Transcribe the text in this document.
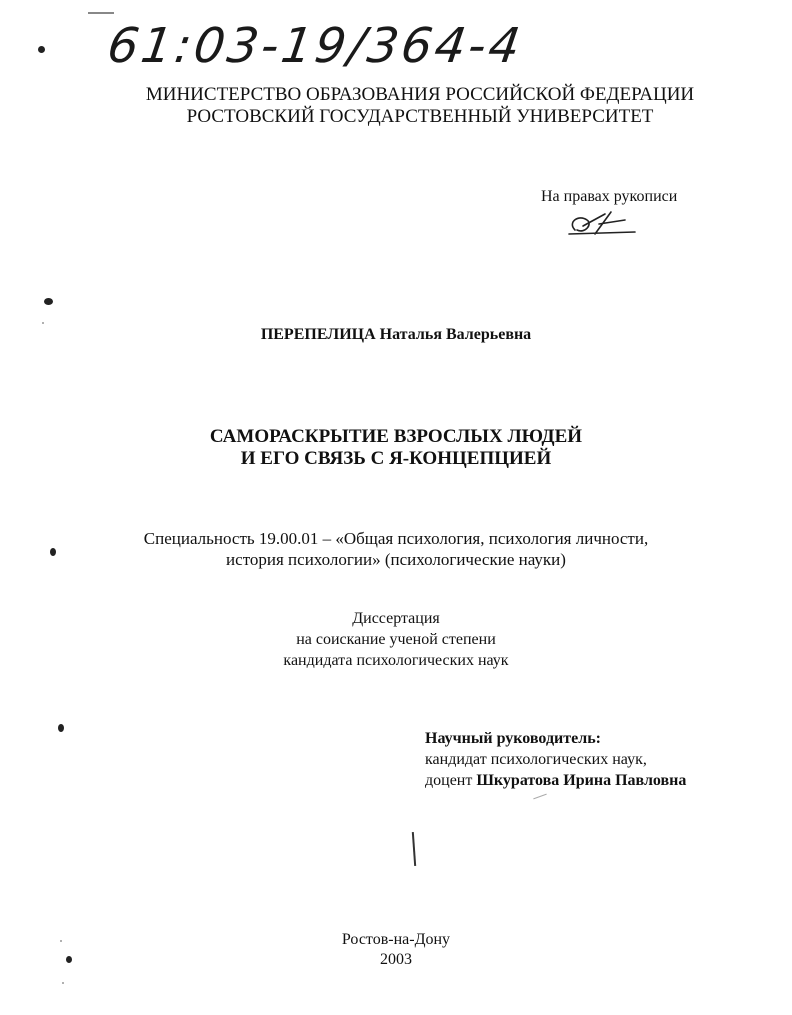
61:03-19/364-4
МИНИСТЕРСТВО ОБРАЗОВАНИЯ РОССИЙСКОЙ ФЕДЕРАЦИИ
РОСТОВСКИЙ ГОСУДАРСТВЕННЫЙ УНИВЕРСИТЕТ
На правах рукописи
ПЕРЕПЕЛИЦА Наталья Валерьевна
САМОРАСКРЫТИЕ ВЗРОСЛЫХ ЛЮДЕЙ
И ЕГО СВЯЗЬ С Я-КОНЦЕПЦИЕЙ
Специальность 19.00.01 – «Общая психология, психология личности,
история психологии» (психологические науки)
Диссертация
на соискание ученой степени
кандидата психологических наук
Научный руководитель:
кандидат психологических наук,
доцент Шкуратова Ирина Павловна
Ростов-на-Дону
2003
